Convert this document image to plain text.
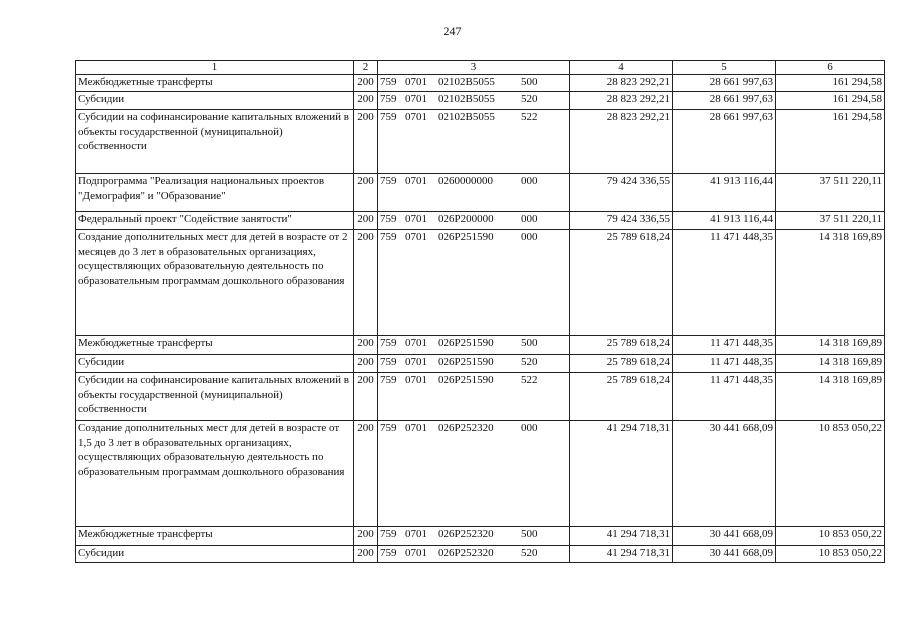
247
1	2	3	4	5	6
Межбюджетные трансферты	200	759 0701 02102B5055 500	28 823 292,21	28 661 997,63	161 294,58
Субсидии	200	759 0701 02102B5055 520	28 823 292,21	28 661 997,63	161 294,58
Субсидии на софинансирование капитальных вложений в объекты государственной (муниципальной) собственности	200	759 0701 02102B5055 522	28 823 292,21	28 661 997,63	161 294,58
Подпрограмма "Реализация национальных проектов "Демография" и "Образование"	200	759 0701 0260000000 000	79 424 336,55	41 913 116,44	37 511 220,11
Федеральный проект "Содействие занятости"	200	759 0701 026P200000 000	79 424 336,55	41 913 116,44	37 511 220,11
Создание дополнительных мест для детей в возрасте от 2 месяцев до 3 лет в образовательных организациях, осуществляющих образовательную деятельность по образовательным программам дошкольного образования	200	759 0701 026P251590 000	25 789 618,24	11 471 448,35	14 318 169,89
Межбюджетные трансферты	200	759 0701 026P251590 500	25 789 618,24	11 471 448,35	14 318 169,89
Субсидии	200	759 0701 026P251590 520	25 789 618,24	11 471 448,35	14 318 169,89
Субсидии на софинансирование капитальных вложений в объекты государственной (муниципальной) собственности	200	759 0701 026P251590 522	25 789 618,24	11 471 448,35	14 318 169,89
Создание дополнительных мест для детей в возрасте от 1,5 до 3 лет в образовательных организациях, осуществляющих образовательную деятельность по образовательным программам дошкольного образования	200	759 0701 026P252320 000	41 294 718,31	30 441 668,09	10 853 050,22
Межбюджетные трансферты	200	759 0701 026P252320 500	41 294 718,31	30 441 668,09	10 853 050,22
Субсидии	200	759 0701 026P252320 520	41 294 718,31	30 441 668,09	10 853 050,22
